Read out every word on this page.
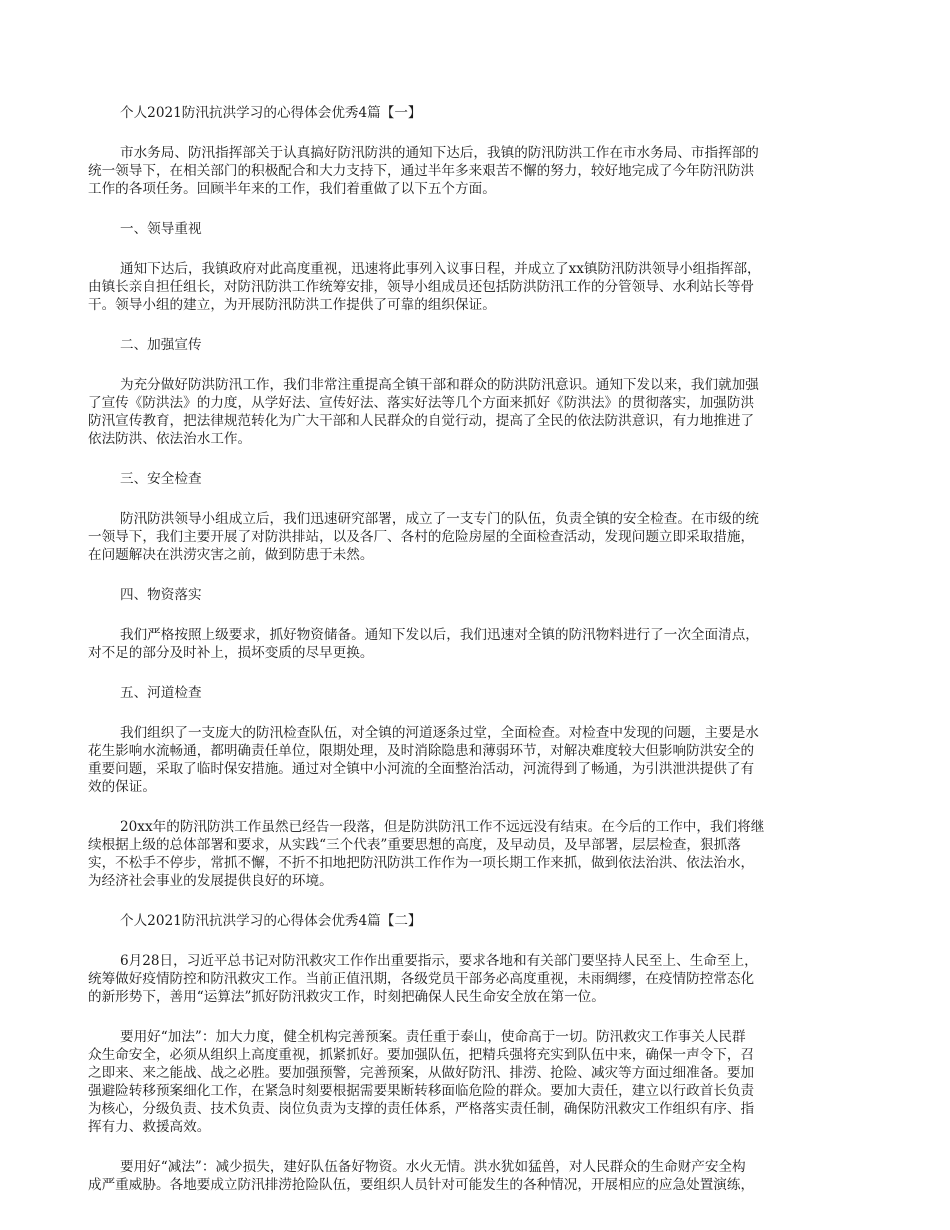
个人2021防汛抗洪学习的心得体会优秀4篇【一】

市水务局、防汛指挥部关于认真搞好防汛防洪的通知下达后，我镇的防汛防洪工作在市水务局、市指挥部的
统一领导下，在相关部门的积极配合和大力支持下，通过半年多来艰苦不懈的努力，较好地完成了今年防汛防洪
工作的各项任务。回顾半年来的工作，我们着重做了以下五个方面。

一、领导重视

通知下达后，我镇政府对此高度重视，迅速将此事列入议事日程，并成立了xx镇防汛防洪领导小组指挥部，
由镇长亲自担任组长，对防汛防洪工作统筹安排，领导小组成员还包括防洪防汛工作的分管领导、水利站长等骨
干。领导小组的建立，为开展防汛防洪工作提供了可靠的组织保证。

二、加强宣传

为充分做好防洪防汛工作，我们非常注重提高全镇干部和群众的防洪防汛意识。通知下发以来，我们就加强
了宣传《防洪法》的力度，从学好法、宣传好法、落实好法等几个方面来抓好《防洪法》的贯彻落实，加强防洪
防汛宣传教育，把法律规范转化为广大干部和人民群众的自觉行动，提高了全民的依法防洪意识，有力地推进了
依法防洪、依法治水工作。

三、安全检查

防汛防洪领导小组成立后，我们迅速研究部署，成立了一支专门的队伍，负责全镇的安全检查。在市级的统
一领导下，我们主要开展了对防洪排站，以及各厂、各村的危险房屋的全面检查活动，发现问题立即采取措施，
在问题解决在洪涝灾害之前，做到防患于未然。

四、物资落实

我们严格按照上级要求，抓好物资储备。通知下发以后，我们迅速对全镇的防汛物料进行了一次全面清点，
对不足的部分及时补上，损坏变质的尽早更换。

五、河道检查

我们组织了一支庞大的防汛检查队伍，对全镇的河道逐条过堂，全面检查。对检查中发现的问题，主要是水
花生影响水流畅通，都明确责任单位，限期处理，及时消除隐患和薄弱环节，对解决难度较大但影响防洪安全的
重要问题，采取了临时保安措施。通过对全镇中小河流的全面整治活动，河流得到了畅通，为引洪泄洪提供了有
效的保证。
20xx年的防汛防洪工作虽然已经告一段落，但是防洪防汛工作不远远没有结束。在今后的工作中，我们将继
续根据上级的总体部署和要求，从实践“三个代表”重要思想的高度，及早动员，及早部署，层层检查，狠抓落
实，不松手不停步，常抓不懈，不折不扣地把防汛防洪工作作为一项长期工作来抓，做到依法治洪、依法治水，
为经济社会事业的发展提供良好的环境。

个人2021防汛抗洪学习的心得体会优秀4篇【二】

6月28日，习近平总书记对防汛救灾工作作出重要指示，要求各地和有关部门要坚持人民至上、生命至上，
统筹做好疫情防控和防汛救灾工作。当前正值汛期，各级党员干部务必高度重视，未雨绸缪，在疫情防控常态化
的新形势下，善用“运算法”抓好防汛救灾工作，时刻把确保人民生命安全放在第一位。
要用好“加法”：加大力度，健全机构完善预案。责任重于泰山，使命高于一切。防汛救灾工作事关人民群
众生命安全，必须从组织上高度重视，抓紧抓好。要加强队伍，把精兵强将充实到队伍中来，确保一声令下，召
之即来、来之能战、战之必胜。要加强预警，完善预案，从做好防汛、排涝、抢险、减灾等方面过细准备。要加
强避险转移预案细化工作，在紧急时刻要根据需要果断转移面临危险的群众。要加大责任，建立以行政首长负责
为核心，分级负责、技术负责、岗位负责为支撑的责任体系，严格落实责任制，确保防汛救灾工作组织有序、指
挥有力、救援高效。
要用好“减法”：减少损失，建好队伍备好物资。水火无情。洪水犹如猛兽，对人民群众的生命财产安全构
成严重威胁。各地要成立防汛排涝抢险队伍，要组织人员针对可能发生的各种情况，开展相应的应急处置演练，
